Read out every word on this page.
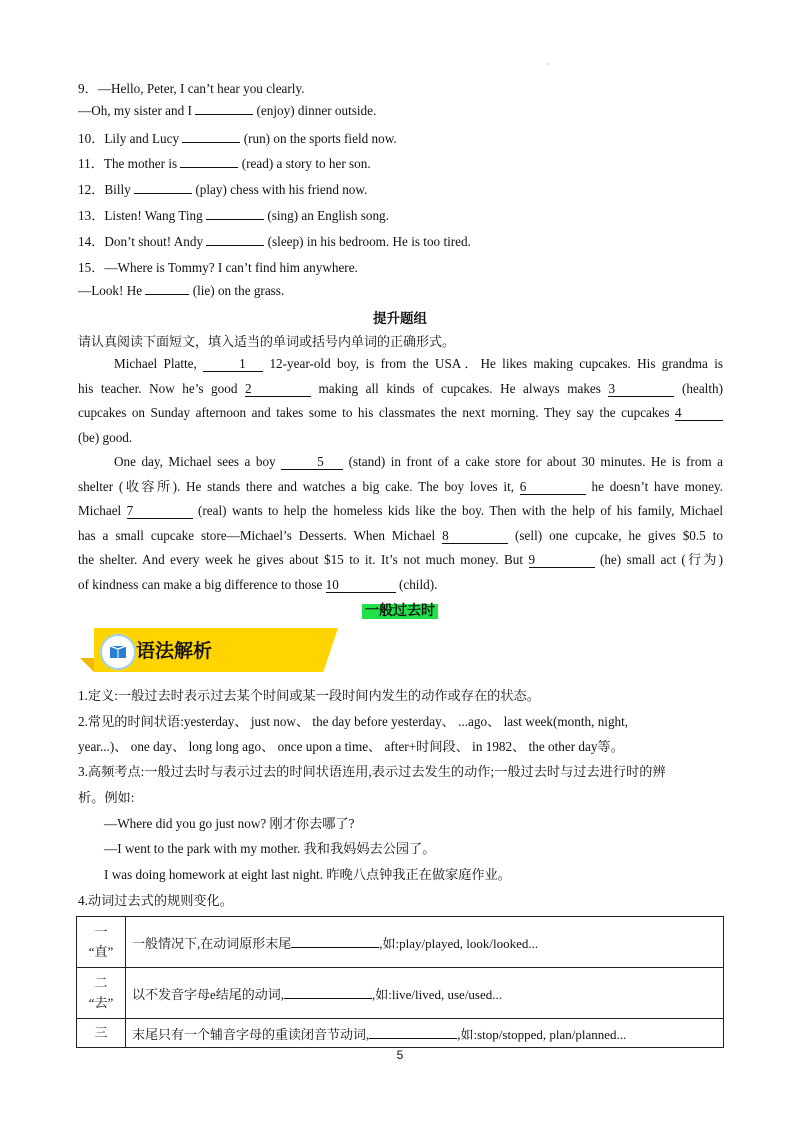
·
9．—Hello, Peter, I can’t hear you clearly.
—Oh, my sister and I	(enjoy) dinner outside.
10．Lily and Lucy	(run) on the sports field now.
11．The mother is	(read) a story to her son.
12．Billy	(play) chess with his friend now.
13．Listen! Wang Ting	(sing) an English song.
14．Don’t shout! Andy	(sleep) in his bedroom. He is too tired.
15．—Where is Tommy? I can’t find him anywhere.
—Look! He	(lie) on the grass.
提升题组
请认真阅读下面短文，填入适当的单词或括号内单词的正确形式。
Michael Platte,	1 12-year-old boy, is from the USA．He likes making cupcakes. His grandma is
his teacher. Now he’s good 2	making all kinds of cupcakes. He always makes 3	(health)
cupcakes on Sunday afternoon and takes some to his classmates the next morning. They say the cupcakes 4
(be) good.
One day, Michael sees a boy	5 (stand) in front of a cake store for about 30 minutes. He is from a
shelter (收容所). He stands there and watches a big cake. The boy loves it, 6	he doesn’t have money.
Michael 7	(real) wants to help the homeless kids like the boy. Then with the help of his family, Michael
has a small cupcake store—Michael’s Desserts. When Michael 8	(sell) one cupcake, he gives $0.5 to
the shelter. And every week he gives about $15 to it. It’s not much money. But 9	(he) small act (行为)
of kindness can make a big difference to those 10	(child).
一般过去时
语法解析
1.定义:一般过去时表示过去某个时间或某一段时间内发生的动作或存在的状态。
2.常见的时间状语:yesterday、 just now、 the day before yesterday、 ...ago、 last week(month, night,
year...)、 one day、 long long ago、 once upon a time、 after+时间段、 in 1982、 the other day等。
3.高频考点:一般过去时与表示过去的时间状语连用,表示过去发生的动作;一般过去时与过去进行时的辨
析。例如:
—Where did you go just now? 刚才你去哪了?
—I went to the park with my mother. 我和我妈妈去公园了。
I was doing homework at eight last night. 昨晚八点钟我正在做家庭作业。
4.动词过去式的规则变化。
一
“直”	一般情况下,在动词原形末尾 ,如:play/played, look/looked...
二
“去”	以不发音字母e结尾的动词, ,如:live/lived, use/used...
三	末尾只有一个辅音字母的重读闭音节动词, ,如:stop/stopped, plan/planned...
5
